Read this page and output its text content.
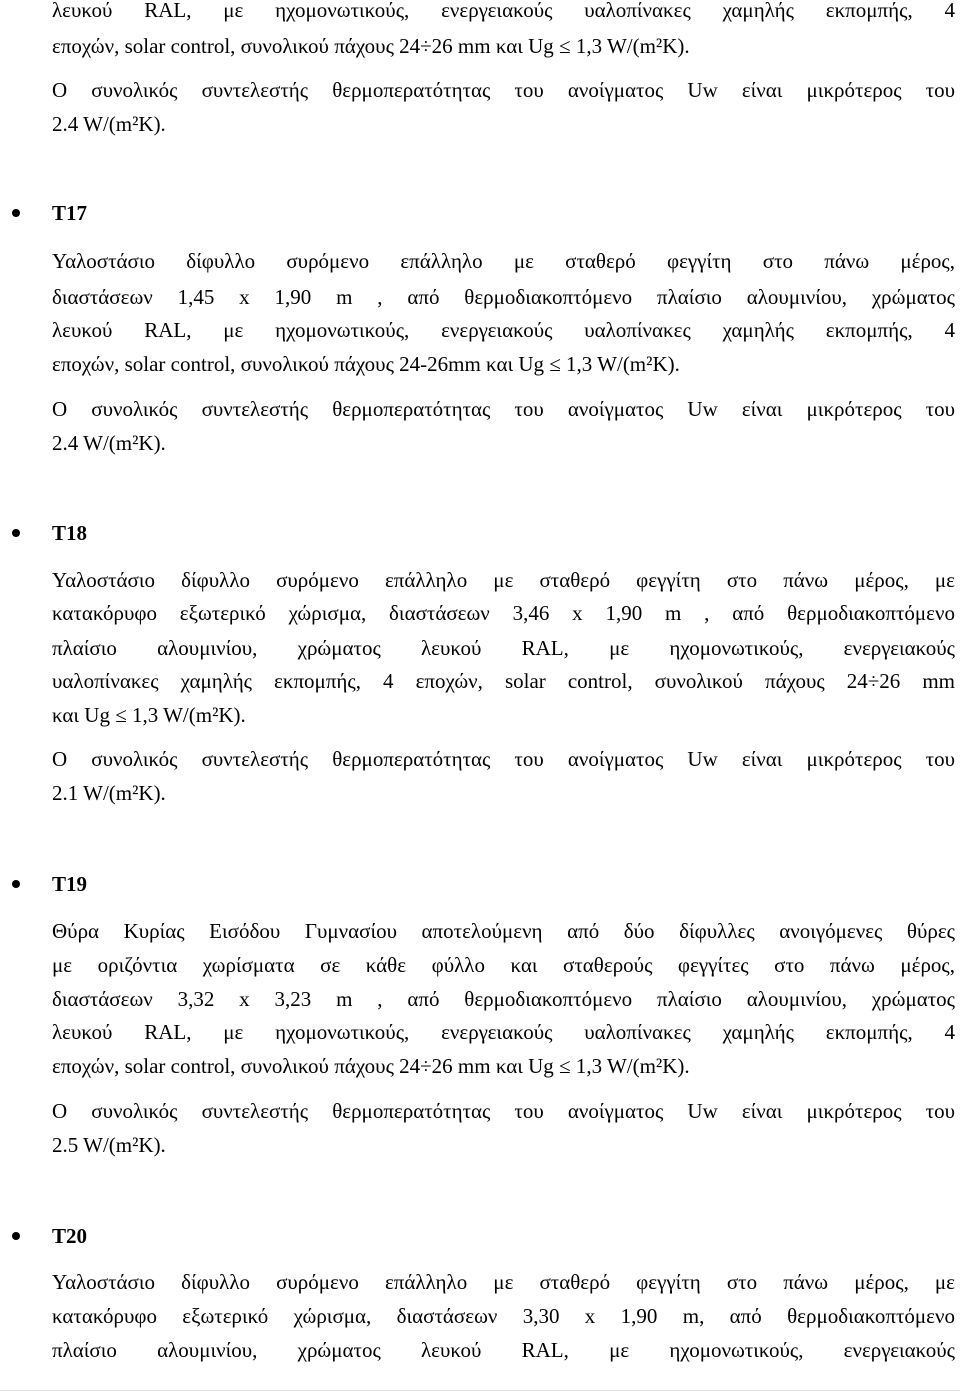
λευκού RAL, με ηχομονωτικούς, ενεργειακούς υαλοπίνακες χαμηλής εκπομπής, 4
εποχών, solar control, συνολικού πάχους 24÷26 mm και Ug ≤ 1,3 W/(m²K).
Ο συνολικός συντελεστής θερμοπερατότητας του ανοίγματος Uw είναι μικρότερος του
2.4 W/(m²K).
T17
Υαλοστάσιο δίφυλλο συρόμενο επάλληλο με σταθερό φεγγίτη στο πάνω μέρος,
διαστάσεων 1,45 x 1,90 m , από θερμοδιακοπτόμενο πλαίσιο αλουμινίου, χρώματος
λευκού RAL, με ηχομονωτικούς, ενεργειακούς υαλοπίνακες χαμηλής εκπομπής, 4
εποχών, solar control, συνολικού πάχους 24-26mm και Ug ≤ 1,3 W/(m²K).
Ο συνολικός συντελεστής θερμοπερατότητας του ανοίγματος Uw είναι μικρότερος του
2.4 W/(m²K).
T18
Υαλοστάσιο δίφυλλο συρόμενο επάλληλο με σταθερό φεγγίτη στο πάνω μέρος, με
κατακόρυφο εξωτερικό χώρισμα, διαστάσεων 3,46 x 1,90 m , από θερμοδιακοπτόμενο
πλαίσιο αλουμινίου, χρώματος λευκού RAL, με ηχομονωτικούς, ενεργειακούς
υαλοπίνακες χαμηλής εκπομπής, 4 εποχών, solar control, συνολικού πάχους 24÷26 mm
και Ug ≤ 1,3 W/(m²K).
Ο συνολικός συντελεστής θερμοπερατότητας του ανοίγματος Uw είναι μικρότερος του
2.1 W/(m²K).
T19
Θύρα Κυρίας Εισόδου Γυμνασίου αποτελούμενη από δύο δίφυλλες ανοιγόμενες θύρες
με οριζόντια χωρίσματα σε κάθε φύλλο και σταθερούς φεγγίτες στο πάνω μέρος,
διαστάσεων 3,32 x 3,23 m , από θερμοδιακοπτόμενο πλαίσιο αλουμινίου, χρώματος
λευκού RAL, με ηχομονωτικούς, ενεργειακούς υαλοπίνακες χαμηλής εκπομπής, 4
εποχών, solar control, συνολικού πάχους 24÷26 mm και Ug ≤ 1,3 W/(m²K).
Ο συνολικός συντελεστής θερμοπερατότητας του ανοίγματος Uw είναι μικρότερος του
2.5 W/(m²K).
T20
Υαλοστάσιο δίφυλλο συρόμενο επάλληλο με σταθερό φεγγίτη στο πάνω μέρος, με
κατακόρυφο εξωτερικό χώρισμα, διαστάσεων 3,30 x 1,90 m, από θερμοδιακοπτόμενο
πλαίσιο αλουμινίου, χρώματος λευκού RAL, με ηχομονωτικούς, ενεργειακούς
